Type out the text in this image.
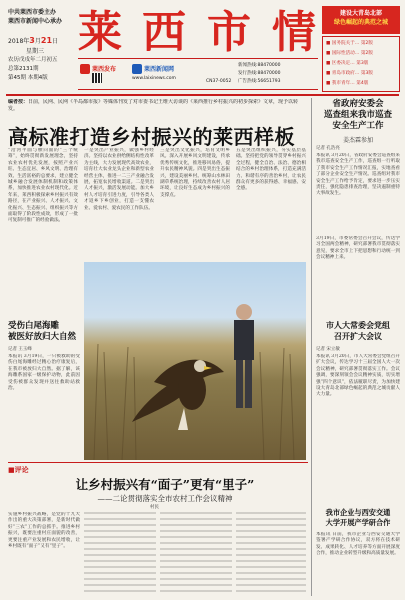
中共莱西市委主办
莱西市新闻中心承办 莱 西 市 情
2018年3月21日
星期三
农历戊戌年二月初五
总第2131期
第45期 本期4版
建设大青岛北部
绿色崛起的典范之城
莱西发布	莱西新闻网
www.laixinews.com
CN37-0052
新闻热线:88470000
发行热线:88470000
广告热线:56651793
■ 国务院关于… 第2版
■ 国际性活动… 第2版
■ 区委决定… 第3版
■ 青岛市政府… 第3版
■ 我市青年… 第4版
编者按：日前，民网、民网《半岛都市报》等媒体刊发了对市委书记王维大访谈的《莱西推行乡村振兴的初步探索》文章，现予以转发。
高标准打造乡村振兴的莱西样板
“沿河平面与横向面的“三个统筹”，始终贯彻新发展理念，坚持农业农村优先发展，按照产业兴旺、生态宜居、乡风文明、治理有效、生活富裕的总要求，建立健全城乡融合发展体制机制和政策体系，加快推进农业农村现代化。近年来，莱西积极探索乡村振兴有效路径，在产业振兴、人才振兴、文化振兴、生态振兴、组织振兴等方面取得了阶段性成效，形成了一批可复制可推广的经验做法。
一是突出产业振兴，做强乡村经济。坚持以农业供给侧结构性改革为主线，大力发展现代高效农业，培育壮大农业龙头企业和新型农业经营主体，推进一二三产业融合发展，拓宽农民增收渠道。二是突出人才振兴，激活发展动能。加大乡村人才培育引进力度，引导各类人才返乡下乡创业，打造一支懂农业、爱农村、爱农民的工作队伍。
三是突出文化振兴，培育文明乡风。深入开展乡风文明建设，传承优秀传统文化，推进移风易俗，提升农民精神风貌。四是突出生态振兴，建设美丽乡村。统筹山水林田湖草系统治理，持续改善农村人居环境，让良好生态成为乡村振兴的支撑点。
五是突出组织振兴，夯实基层基础。坚持把党的领导贯穿乡村振兴全过程，健全自治、法治、德治相结合的乡村治理体系，打造充满活力、和谐有序的善治乡村，让农民群众有更多的获得感、幸福感、安全感。
受伤白尾海雕
被医好放归大自然
记者 王玉峰
本报讯 3月19日，一只被救助的受伤白尾海雕经过精心治疗康复后，在我市被放归大自然。据了解，该海雕系国家一级保护动物，此前因受伤被群众发现并送往救助站救治。
■评论
让乡村振兴有“面子”更有“里子”
——二论贯彻落实全市农村工作会议精神
村民
实施乡村振兴战略，是党的十九大作出的重大决策部署，是新时代做好“三农”工作的总抓手。推进乡村振兴，既要注重村庄面貌的改善，更要注重产业发展和农民增收，让乡村既有“面子”又有“里子”。
省政府安委会
巡查组来我市巡查
安全生产工作
姜杰霖参加
记者 孔浩亮
本报讯 3月20日，省政府安委会巡查组来我市巡查安全生产工作，巡查组一行听取了我市安全生产工作情况汇报，实地查看了部分企业安全生产情况。巡查组对我市安全生产工作给予肯定，要求进一步压实责任，强化隐患排查治理，坚决遏制重特大事故发生。
3月19日，市委常委会召开会议，传达学习全国两会精神，研究部署我市贯彻落实意见，要求全市上下把思想和行动统一到会议精神上来。
市人大常委会党组
召开扩大会议
记者 宋立敏
本报讯 3月20日，市人大常委会党组召开扩大会议，传达学习十三届全国人大一次会议精神，研究部署贯彻落实工作。会议强调，要深刻领会会议精神实质，切实增强“四个意识”，依法履职尽责，为加快建设大青岛北部绿色崛起的典范之城贡献人大力量。
我市企业与西安交通
大学开展产学研合作
本报讯 日前，我市企业与西安交通大学签署产学研合作协议，双方将在技术研发、成果转化、人才培养等方面开展深度合作，推动企业转型升级和高质量发展。
